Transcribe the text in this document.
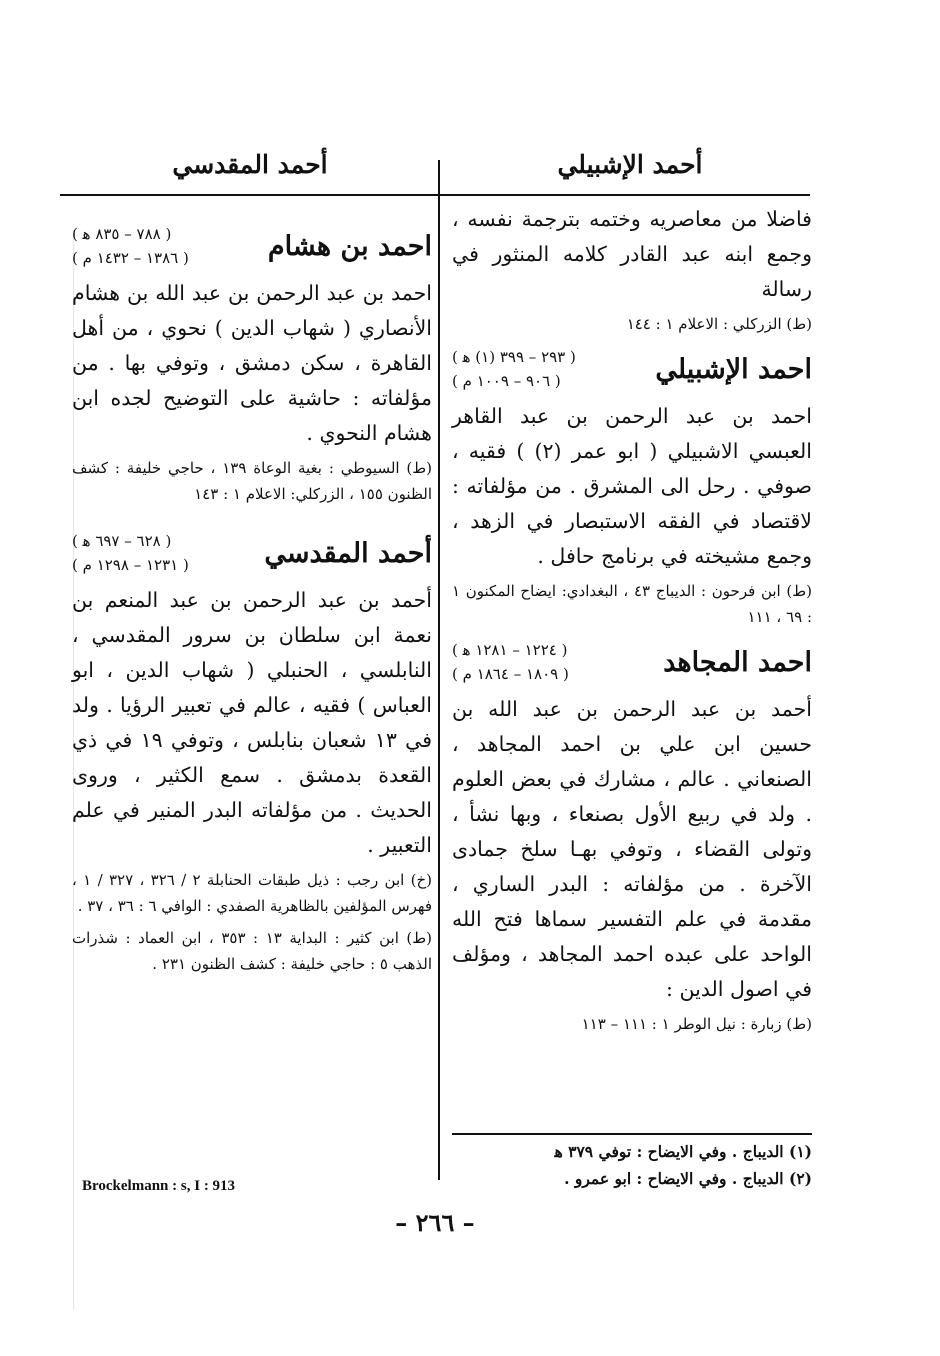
أحمد الإشبيلي
أحمد المقدسي

فاضلا من معاصريه وختمه بترجمة نفسه ، وجمع ابنه عبد القادر كلامه المنثور في رسالة

(ط) الزركلي : الاعلام ١ : ١٤٤

احمد الإشبيلي
( ٢٩٣ – ٣٩٩ (١) ﻫ )
( ٩٠٦ – ١٠٠٩ م )

احمد بن عبد الرحمن بن عبد القاهر العبسي الاشبيلي ( ابو عمر (٢) ) فقيه ، صوفي . رحل الى المشرق . من مؤلفاته : لاقتصاد في الفقه الاستبصار في الزهد ، وجمع مشيخته في برنامج حافل .

(ط) ابن فرحون : الديباج ٤٣ ، البغدادي: ايضاح المكنون ١ : ٦٩ ، ١١١

احمد المجاهد
( ١٢٢٤ – ١٢٨١ ﻫ )
( ١٨٠٩ – ١٨٦٤ م )

أحمد بن عبد الرحمن بن عبد الله بن حسين ابن علي بن احمد المجاهد ، الصنعاني . عالم ، مشارك في بعض العلوم . ولد في ربيع الأول بصنعاء ، وبها نشأ ، وتولى القضاء ، وتوفي بهـا سلخ جمادى الآخرة . من مؤلفاته : البدر الساري ، مقدمة في علم التفسير سماها فتح الله الواحد على عبده احمد المجاهد ، ومؤلف في اصول الدين :

(ط) زبارة : نيل الوطر ١ : ١١١ – ١١٣

احمد بن هشام
( ٧٨٨ – ٨٣٥ ﻫ )
( ١٣٨٦ – ١٤٣٢ م )

احمد بن عبد الرحمن بن عبد الله بن هشام الأنصاري ( شهاب الدين ) نحوي ، من أهل القاهرة ، سكن دمشق ، وتوفي بها . من مؤلفاته : حاشية على التوضيح لجده ابن هشام النحوي .

(ط) السيوطي : بغية الوعاة ١٣٩ ، حاجي خليفة : كشف الظنون ١٥٥ ، الزركلي: الاعلام ١ : ١٤٣

أحمد المقدسي
( ٦٢٨ – ٦٩٧ ﻫ )
( ١٢٣١ – ١٢٩٨ م )

أحمد بن عبد الرحمن بن عبد المنعم بن نعمة ابن سلطان بن سرور المقدسي ، النابلسي ، الحنبلي ( شهاب الدين ، ابو العباس ) فقيه ، عالم في تعبير الرؤيا . ولد في ١٣ شعبان بنابلس ، وتوفي ١٩ في ذي القعدة بدمشق . سمع الكثير ، وروى الحديث . من مؤلفاته البدر المنير في علم التعبير .

(خ) ابن رجب : ذيل طبقات الحنابلة ٢ / ٣٢٦ ، ٣٢٧ / ١ ، فهرس المؤلفين بالظاهرية الصفدي : الوافي ٦ : ٣٦ ، ٣٧ .

(ط) ابن كثير : البداية ١٣ : ٣٥٣ ، ابن العماد : شذرات الذهب ٥ : حاجي خليفة : كشف الظنون ٢٣١ .

Brockelmann : s, I : 913
(١) الديباج . وفي الايضاح : توفي ٣٧٩ ﻫ
(٢) الديباج . وفي الايضاح : ابو عمرو .
– ٢٦٦ –
